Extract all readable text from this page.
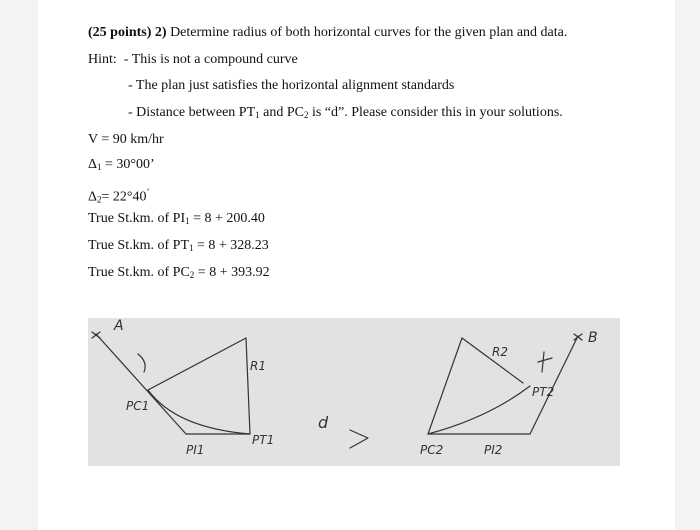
(25 points) 2) Determine radius of both horizontal curves for the given plan and data.
Hint: - This is not a compound curve
- The plan just satisfies the horizontal alignment standards
- Distance between $PT_1$ and $PC_2$ is “d”. Please consider this in your solutions.
V = 90 km/hr
$\Delta_1 = 30^\circ 00$’
$\Delta_2= 22^\circ 40^’$
True St.km. of $PI_1 = 8 + 200.40$
True St.km. of $PT_1 = 8 + 328.23$
True St.km. of $PC_2 = 8 + 393.92$
A
B
PC1
PI1
R1
PT1
d
PC2	PI2
R2
PT2
